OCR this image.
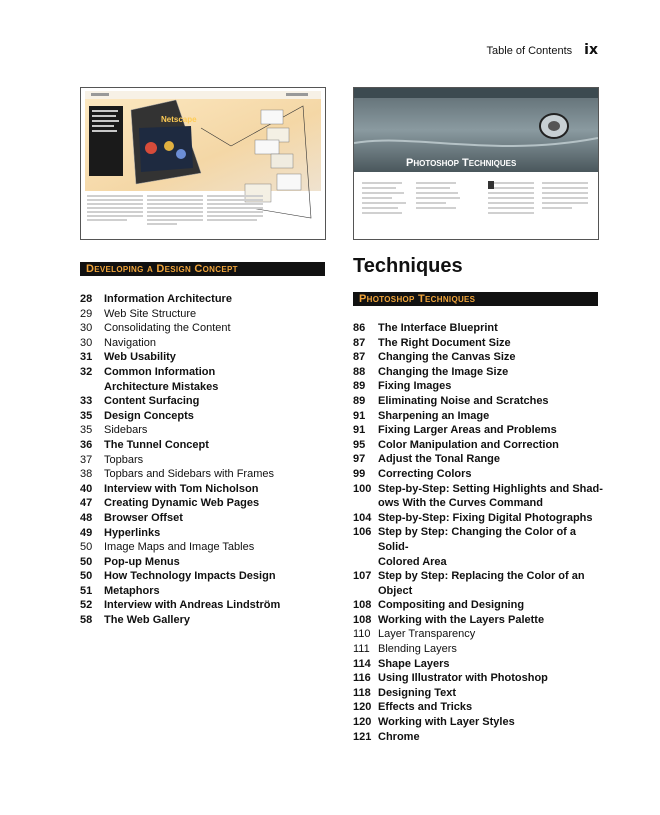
Table of Contents ix
Netscape
Photoshop Techniques
Developing a Design Concept
28	Information Architecture
29	Web Site Structure
30	Consolidating the Content
30	Navigation
31	Web Usability
32	Common Information
Architecture Mistakes
33	Content Surfacing
35	Design Concepts
35	Sidebars
36	The Tunnel Concept
37	Topbars
38	Topbars and Sidebars with Frames
40	Interview with Tom Nicholson
47	Creating Dynamic Web Pages
48	Browser Offset
49	Hyperlinks
50	Image Maps and Image Tables
50	Pop-up Menus
50	How Technology Impacts Design
51	Metaphors
52	Interview with Andreas Lindström
58	The Web Gallery
Techniques
Photoshop Techniques
86	The Interface Blueprint
87	The Right Document Size
87	Changing the Canvas Size
88	Changing the Image Size
89	Fixing Images
89	Eliminating Noise and Scratches
91	Sharpening an Image
91	Fixing Larger Areas and Problems
95	Color Manipulation and Correction
97	Adjust the Tonal Range
99	Correcting Colors
100 Step-by-Step: Setting Highlights and Shad-
ows With the Curves Command
104 Step-by-Step: Fixing Digital Photographs
106 Step by Step: Changing the Color of a Solid-
Colored Area
107 Step by Step: Replacing the Color of an
Object
108 Compositing and Designing
108 Working with the Layers Palette
110 Layer Transparency
111 Blending Layers
114 Shape Layers
116 Using Illustrator with Photoshop
118 Designing Text
120 Effects and Tricks
120 Working with Layer Styles
121 Chrome
